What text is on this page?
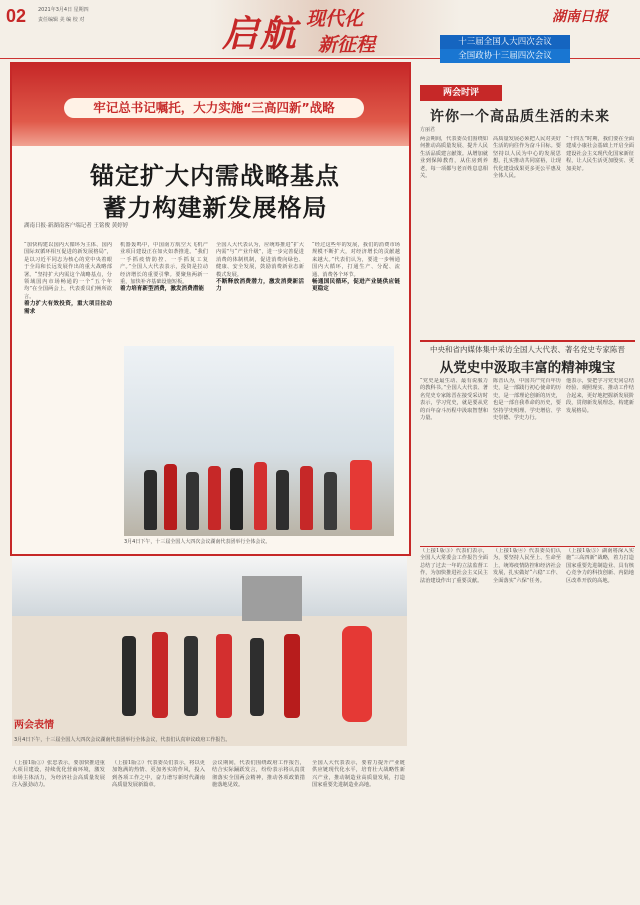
02 2021年3月4日 星期四
责任编辑 美 编 校 对	启航 现代化
新征程
湖南日报
十三届全国人大四次会议
全国政协十三届四次会议
牢记总书记嘱托，大力实施“三高四新”战略
锚定扩大内需战略基点
蓄力构建新发展格局
湖南日报·新湖南客户端记者 王铭俊 黄婷婷
“加快构建以国内大循环为主体、国内国际双循环相互促进的新发展格局”，是以习近平同志为核心的党中央着眼于全局和长远发展作出的重大战略部署。“坚持扩大内需这个战略基点，分领域国内市场畅通的一个“五个年均”在全国两会上，代表委员们畅所欲言。
着力扩大有效投资，重大项目拉动需求
机器轰鸣中，中国南方航空大飞机产业项目建设正在如火如荼推进。“我们一手抓疫情防控、一手抓复工复产。”全国人大代表表示，投资是拉动经济增长的重要引擎。要聚焦两新一重，加快补齐基础设施短板。
着力培育新型消费，激发消费潜能
全国人大代表认为，应统筹推进“扩大内需”与“产业升级”，进一步完善促进消费的体制机制，促进消费向绿色、健康、安全发展，鼓励消费新业态新模式发展。
不断释放消费潜力，激发消费新活力
“经过这些年的发展，我们的消费市场规模不断扩大，对经济增长的贡献越来越大。”代表们认为，要进一步畅通国内大循环，打通生产、分配、流通、消费各个环节。
畅通国民循环，促进产业链供应链更稳定
3月4日下午，十三届全国人大四次会议湖南代表团举行全体会议。
两会时评
许你一个高品质生活的未来
方丽君
两会期间，代表委员们围绕如何推动高质量发展、提升人民生活品质建言献策。从增加就业到保障教育，从住房到养老，每一项都与老百姓息息相关。
高质量发展必须把人民对美好生活的向往作为奋斗目标。要坚持以人民为中心的发展思想，扎实推动共同富裕，让现代化建设成果更多更公平惠及全体人民。
“十四五”时期，我们要在全面建成小康社会基础上开启全面建设社会主义现代化国家新征程，让人民生活更加殷实、更加美好。
中央和省内媒体集中采访全国人大代表、著名党史专家陈晋
从党史中汲取丰富的精神瑰宝
“党史是最生动、最有说服力的教科书。”全国人大代表、著名党史专家陈晋在接受采访时表示，学习党史，就是要从党的百年奋斗历程中汲取智慧和力量。
陈晋认为，中国共产党百年历史，是一部践行初心使命的历史，是一部理论创新的历史，也是一部自我革命的历史，要坚持学史明理、学史增信、学史崇德、学史力行。
他表示，要把学习党史同总结经验、观照现实、推动工作结合起来，更好地把握新发展阶段，贯彻新发展理念，构建新发展格局。
两会表情
3月4日下午，十三届全国人大四次会议湖南代表团举行全体会议，代表们认真审议政府工作报告。
（上接1版①）张忠表示，要加快推进重大项目建设，持续优化营商环境，激发市场主体活力，为经济社会高质量发展注入强劲动力。
（上接1版②）代表委员们表示，将以更加饱满的热情、更加务实的作风，投入到各项工作之中，奋力谱写新时代湖南高质量发展新篇章。
会议期间，代表们围绕政府工作报告，结合实际踊跃发言，纷纷表示将认真贯彻落实全国两会精神，推动各项政策措施落地见效。
全国人大代表表示，要着力提升产业链供应链现代化水平，培育壮大战略性新兴产业，推动制造业高质量发展，打造国家重要先进制造业高地。
（上接1版③）代表们表示，全国人大常委会工作报告全面总结了过去一年的立法监督工作，为加快推进社会主义民主法治建设作出了重要贡献。
（上接1版④）代表委员们认为，要坚持人民至上、生命至上，统筹疫情防控和经济社会发展，扎实做好“六稳”工作、全面落实“六保”任务。
（上接1版⑤）湖南将深入实施“三高四新”战略，着力打造国家重要先进制造业、具有核心竞争力的科技创新、内陆地区改革开放的高地。
